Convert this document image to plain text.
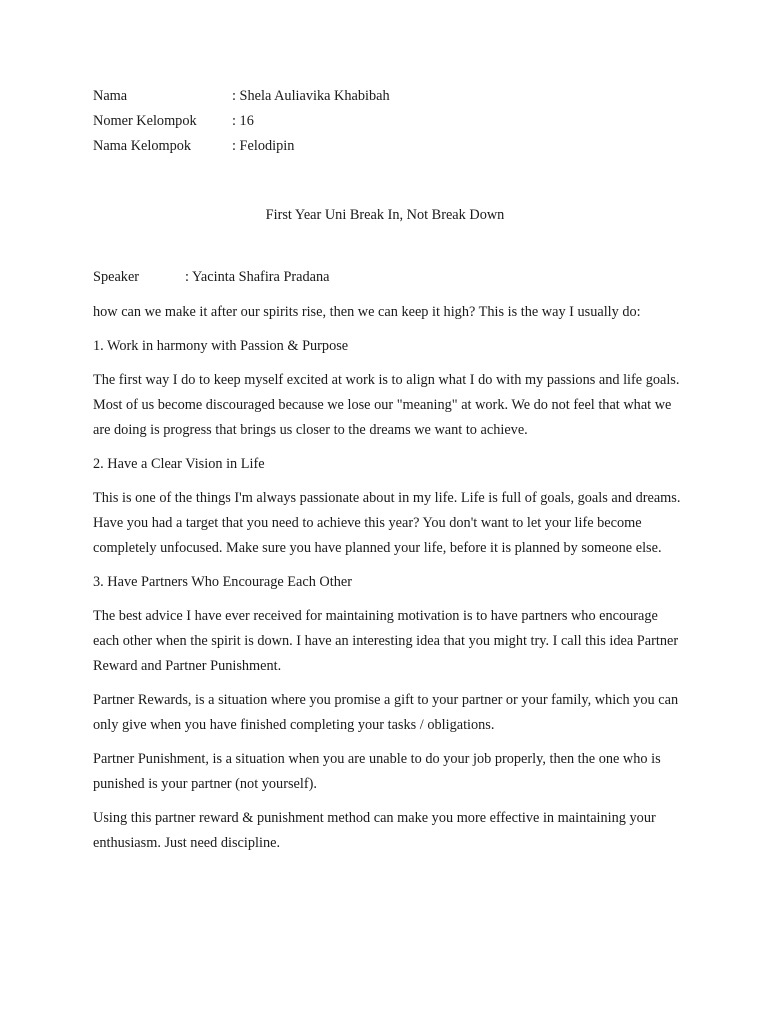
Nama	: Shela Auliavika Khabibah
Nomer Kelompok	: 16
Nama Kelompok	: Felodipin
First Year Uni Break In, Not Break Down
Speaker	: Yacinta Shafira Pradana

how can we make it after our spirits rise, then we can keep it high? This is the way I usually do:

1. Work in harmony with Passion & Purpose

The first way I do to keep myself excited at work is to align what I do with my passions and life goals. Most of us become discouraged because we lose our "meaning" at work. We do not feel that what we are doing is progress that brings us closer to the dreams we want to achieve.

2. Have a Clear Vision in Life

This is one of the things I'm always passionate about in my life. Life is full of goals, goals and dreams. Have you had a target that you need to achieve this year? You don't want to let your life become completely unfocused. Make sure you have planned your life, before it is planned by someone else.

3. Have Partners Who Encourage Each Other

The best advice I have ever received for maintaining motivation is to have partners who encourage each other when the spirit is down. I have an interesting idea that you might try. I call this idea Partner Reward and Partner Punishment.

Partner Rewards, is a situation where you promise a gift to your partner or your family, which you can only give when you have finished completing your tasks / obligations.

Partner Punishment, is a situation when you are unable to do your job properly, then the one who is punished is your partner (not yourself).

Using this partner reward & punishment method can make you more effective in maintaining your enthusiasm. Just need discipline.
